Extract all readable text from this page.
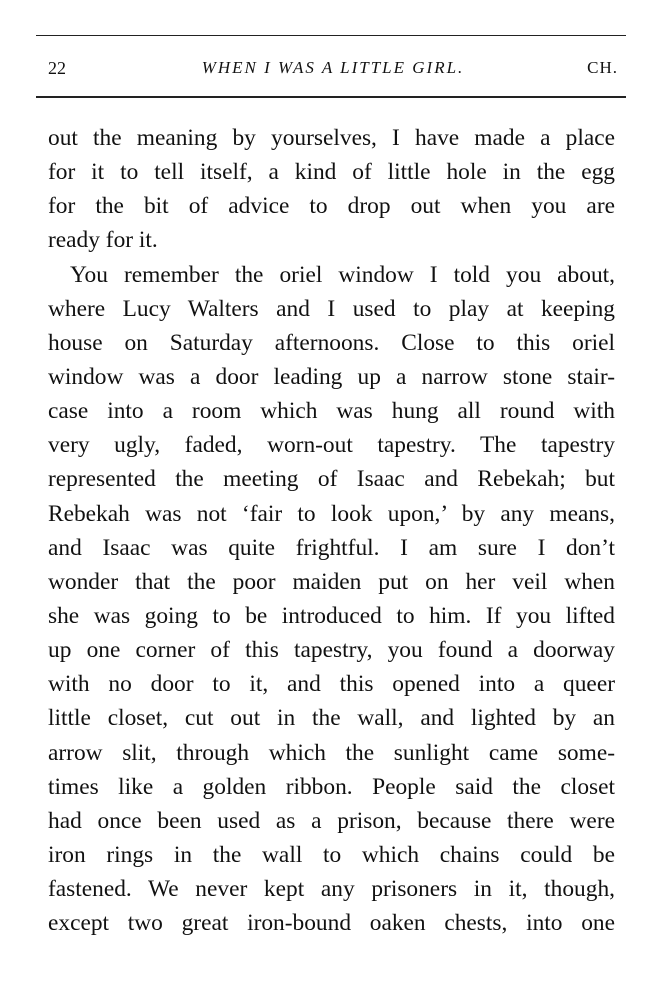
22	WHEN I WAS A LITTLE GIRL.	CH.
out the meaning by yourselves, I have made a place
for it to tell itself, a kind of little hole in the egg
for the bit of advice to drop out when you are
ready for it.
You remember the oriel window I told you about,
where Lucy Walters and I used to play at keeping
house on Saturday afternoons. Close to this oriel
window was a door leading up a narrow stone stair-
case into a room which was hung all round with
very ugly, faded, worn-out tapestry. The tapestry
represented the meeting of Isaac and Rebekah; but
Rebekah was not ‘fair to look upon,’ by any means,
and Isaac was quite frightful. I am sure I don’t
wonder that the poor maiden put on her veil when
she was going to be introduced to him. If you lifted
up one corner of this tapestry, you found a doorway
with no door to it, and this opened into a queer
little closet, cut out in the wall, and lighted by an
arrow slit, through which the sunlight came some-
times like a golden ribbon. People said the closet
had once been used as a prison, because there were
iron rings in the wall to which chains could be
fastened. We never kept any prisoners in it, though,
except two great iron-bound oaken chests, into one
